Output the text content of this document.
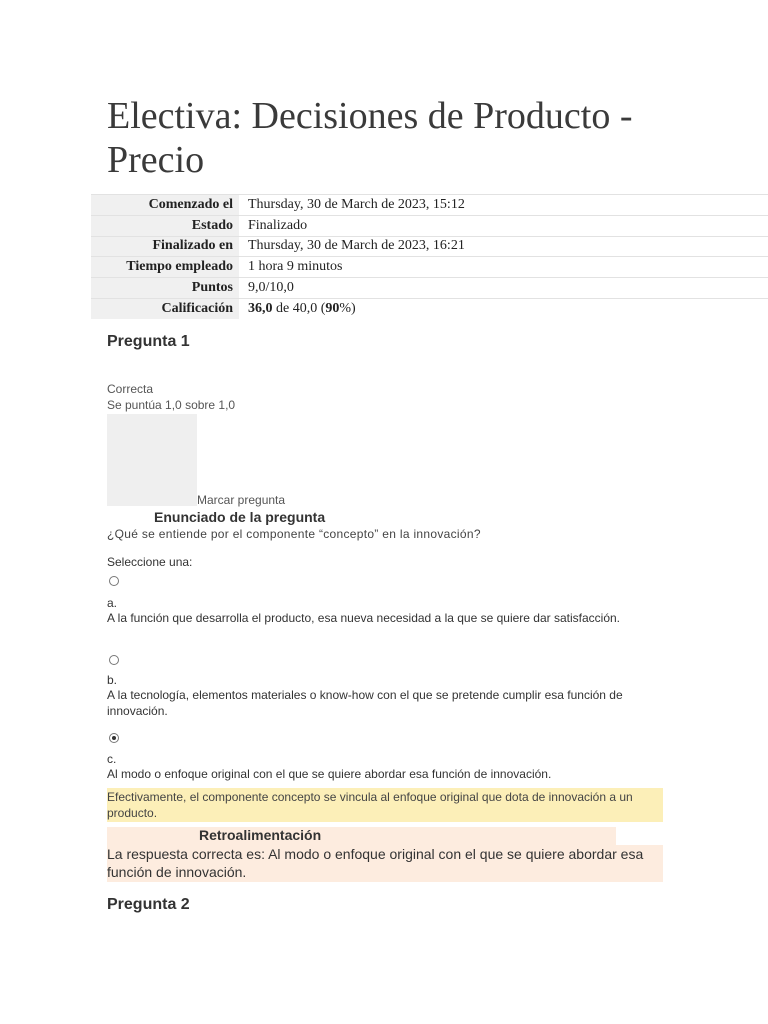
Electiva: Decisiones de Producto - Precio
Comenzado el	Thursday, 30 de March de 2023, 15:12
Estado	Finalizado
Finalizado en	Thursday, 30 de March de 2023, 16:21
Tiempo empleado	1 hora 9 minutos
Puntos	9,0/10,0
Calificación	36,0 de 40,0 (90%)
Pregunta 1
Correcta
Se puntúa 1,0 sobre 1,0
Marcar pregunta
Enunciado de la pregunta
¿Qué se entiende por el componente “concepto” en la innovación?
Seleccione una:
a.
A la función que desarrolla el producto, esa nueva necesidad a la que se quiere dar satisfacción.
b.
A la tecnología, elementos materiales o know-how con el que se pretende cumplir esa función de innovación.
c.
Al modo o enfoque original con el que se quiere abordar esa función de innovación.
Efectivamente, el componente concepto se vincula al enfoque original que dota de innovación a un producto.
Retroalimentación
La respuesta correcta es: Al modo o enfoque original con el que se quiere abordar esa función de innovación.
Pregunta 2
